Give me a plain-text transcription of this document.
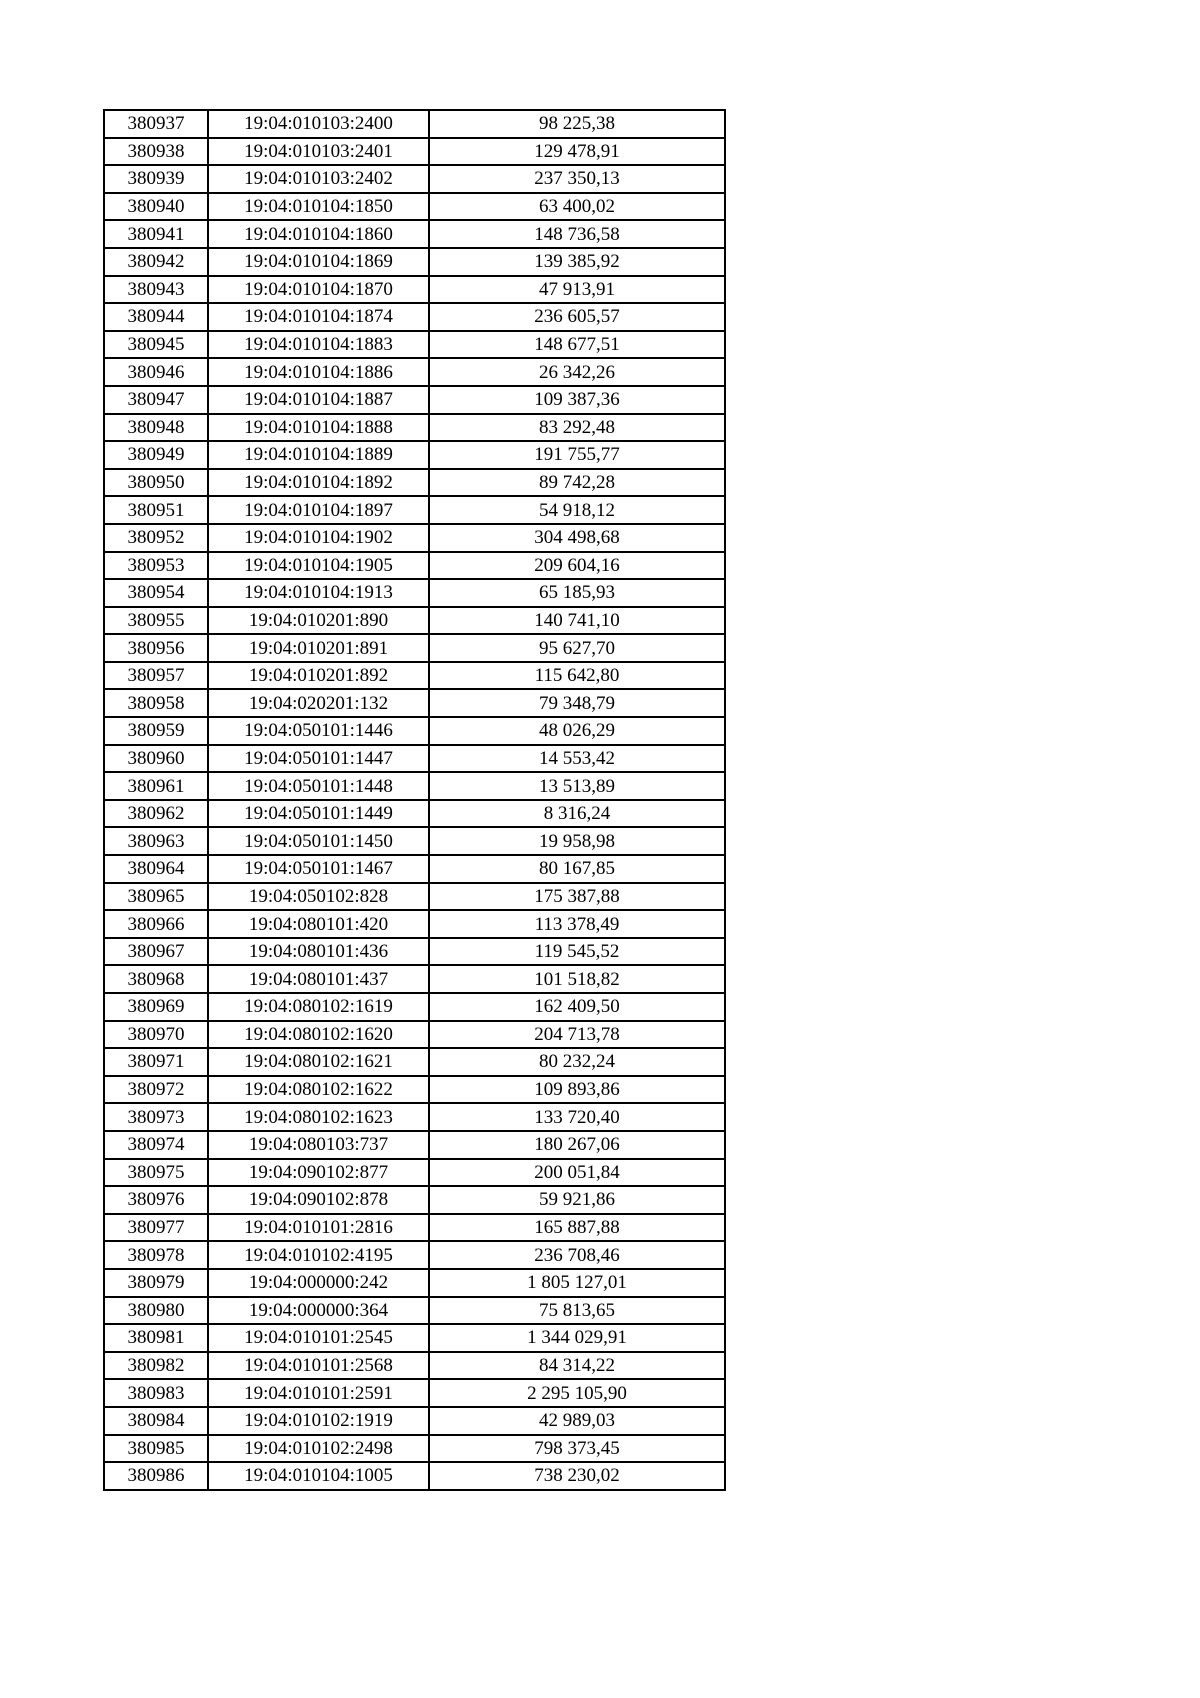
380937	19:04:010103:2400	98 225,38
380938	19:04:010103:2401	129 478,91
380939	19:04:010103:2402	237 350,13
380940	19:04:010104:1850	63 400,02
380941	19:04:010104:1860	148 736,58
380942	19:04:010104:1869	139 385,92
380943	19:04:010104:1870	47 913,91
380944	19:04:010104:1874	236 605,57
380945	19:04:010104:1883	148 677,51
380946	19:04:010104:1886	26 342,26
380947	19:04:010104:1887	109 387,36
380948	19:04:010104:1888	83 292,48
380949	19:04:010104:1889	191 755,77
380950	19:04:010104:1892	89 742,28
380951	19:04:010104:1897	54 918,12
380952	19:04:010104:1902	304 498,68
380953	19:04:010104:1905	209 604,16
380954	19:04:010104:1913	65 185,93
380955	19:04:010201:890	140 741,10
380956	19:04:010201:891	95 627,70
380957	19:04:010201:892	115 642,80
380958	19:04:020201:132	79 348,79
380959	19:04:050101:1446	48 026,29
380960	19:04:050101:1447	14 553,42
380961	19:04:050101:1448	13 513,89
380962	19:04:050101:1449	8 316,24
380963	19:04:050101:1450	19 958,98
380964	19:04:050101:1467	80 167,85
380965	19:04:050102:828	175 387,88
380966	19:04:080101:420	113 378,49
380967	19:04:080101:436	119 545,52
380968	19:04:080101:437	101 518,82
380969	19:04:080102:1619	162 409,50
380970	19:04:080102:1620	204 713,78
380971	19:04:080102:1621	80 232,24
380972	19:04:080102:1622	109 893,86
380973	19:04:080102:1623	133 720,40
380974	19:04:080103:737	180 267,06
380975	19:04:090102:877	200 051,84
380976	19:04:090102:878	59 921,86
380977	19:04:010101:2816	165 887,88
380978	19:04:010102:4195	236 708,46
380979	19:04:000000:242	1 805 127,01
380980	19:04:000000:364	75 813,65
380981	19:04:010101:2545	1 344 029,91
380982	19:04:010101:2568	84 314,22
380983	19:04:010101:2591	2 295 105,90
380984	19:04:010102:1919	42 989,03
380985	19:04:010102:2498	798 373,45
380986	19:04:010104:1005	738 230,02
